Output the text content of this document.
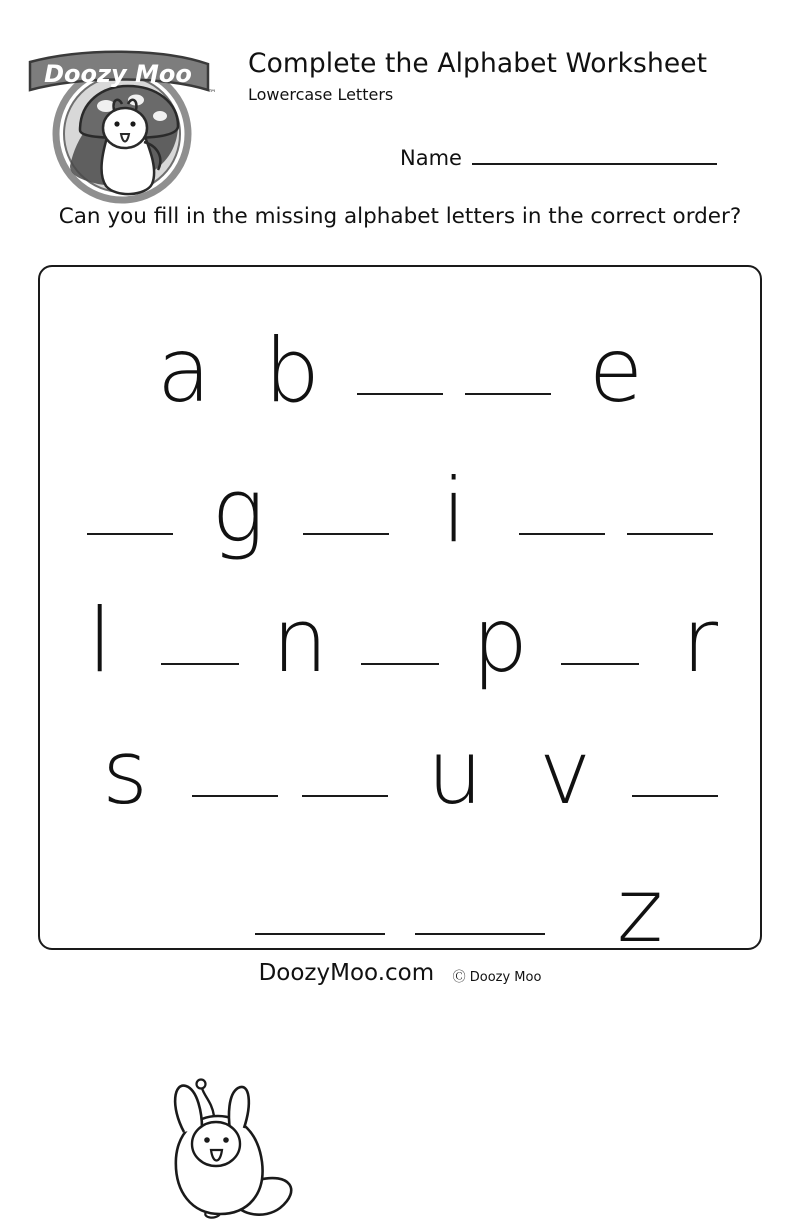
Doozy Moo
™
Complete the Alphabet Worksheet
Lowercase Letters
Name
Can you fill in the missing alphabet letters in the correct order?
a b	e
g	i
l	n p	r
s	u v
z
DoozyMoo.com Ⓒ Doozy Moo
